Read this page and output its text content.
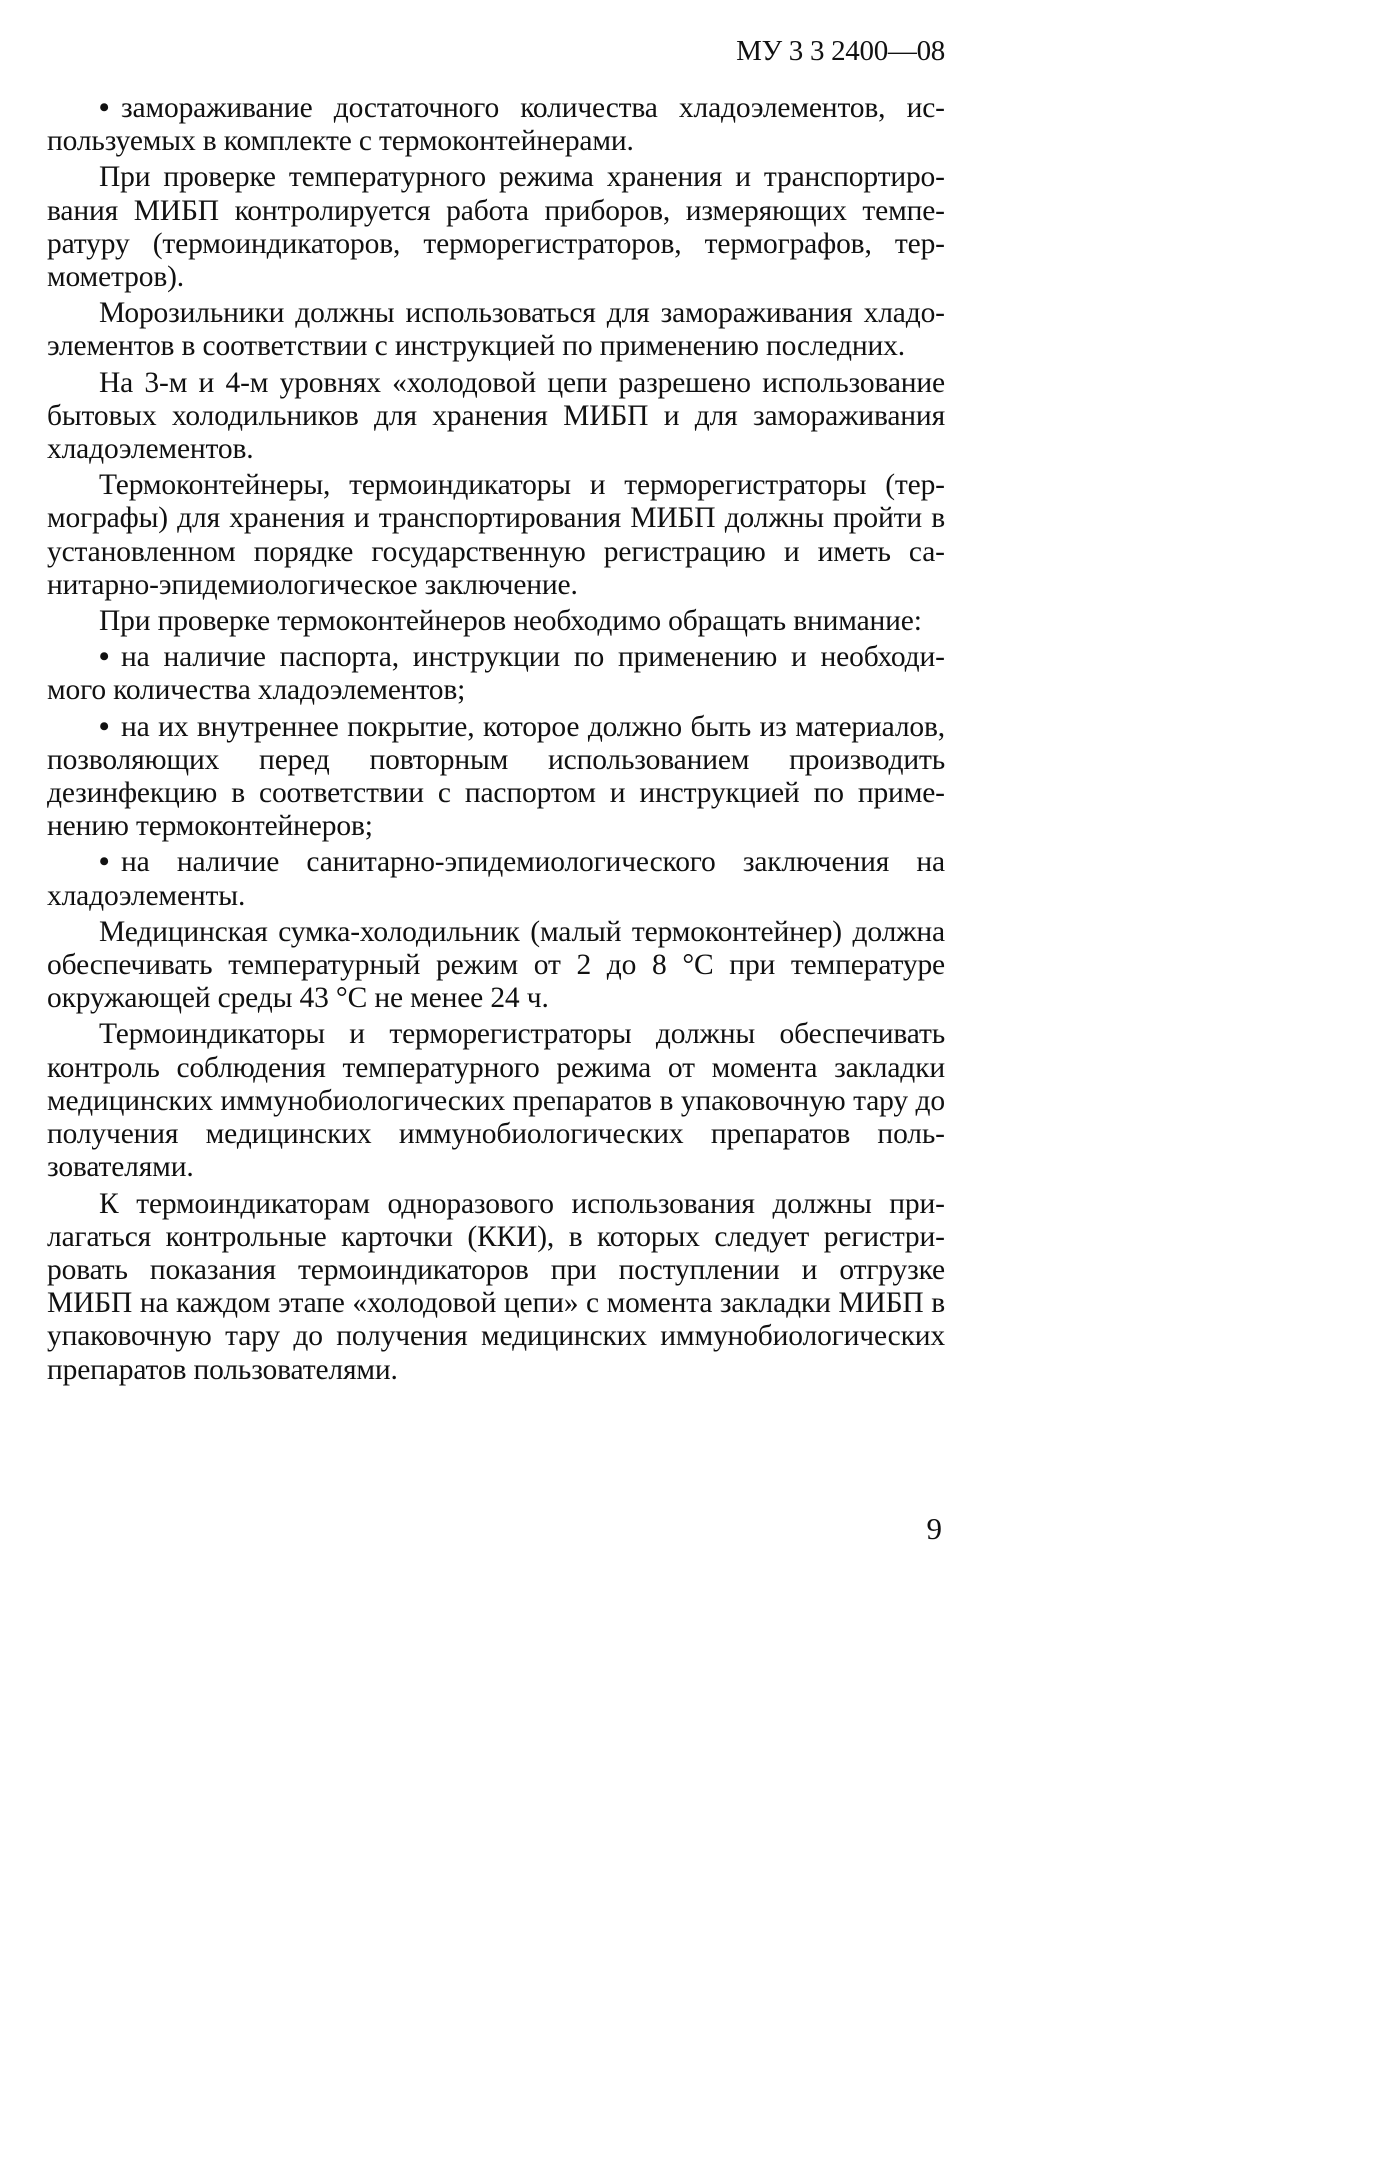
МУ 3 3 2400—08

• замораживание достаточного количества хладоэлементов, используемых в комплекте с термоконтейнерами.

При проверке температурного режима хранения и транспортирования МИБП контролируется работа приборов, измеряющих температуру (термоиндикаторов, терморегистраторов, термографов, термометров).

Морозильники должны использоваться для замораживания хладоэлементов в соответствии с инструкцией по применению последних.

На 3-м и 4-м уровнях «холодовой цепи разрешено использование бытовых холодильников для хранения МИБП и для замораживания хладоэлементов.

Термоконтейнеры, термоиндикаторы и терморегистраторы (термографы) для хранения и транспортирования МИБП должны пройти в установленном порядке государственную регистрацию и иметь санитарно-эпидемиологическое заключение.

При проверке термоконтейнеров необходимо обращать внимание:

• на наличие паспорта, инструкции по применению и необходимого количества хладоэлементов;

• на их внутреннее покрытие, которое должно быть из материалов, позволяющих перед повторным использованием производить дезинфекцию в соответствии с паспортом и инструкцией по применению термоконтейнеров;

• на наличие санитарно-эпидемиологического заключения на хладоэлементы.

Медицинская сумка-холодильник (малый термоконтейнер) должна обеспечивать температурный режим от 2 до 8 °С при температуре окружающей среды 43 °С не менее 24 ч.

Термоиндикаторы и терморегистраторы должны обеспечивать контроль соблюдения температурного режима от момента закладки медицинских иммунобиологических препаратов в упаковочную тару до получения медицинских иммунобиологических препаратов пользователями.

К термоиндикаторам одноразового использования должны прилагаться контрольные карточки (ККИ), в которых следует регистрировать показания термоиндикаторов при поступлении и отгрузке МИБП на каждом этапе «холодовой цепи» с момента закладки МИБП в упаковочную тару до получения медицинских иммунобиологических препаратов пользователями.

9
